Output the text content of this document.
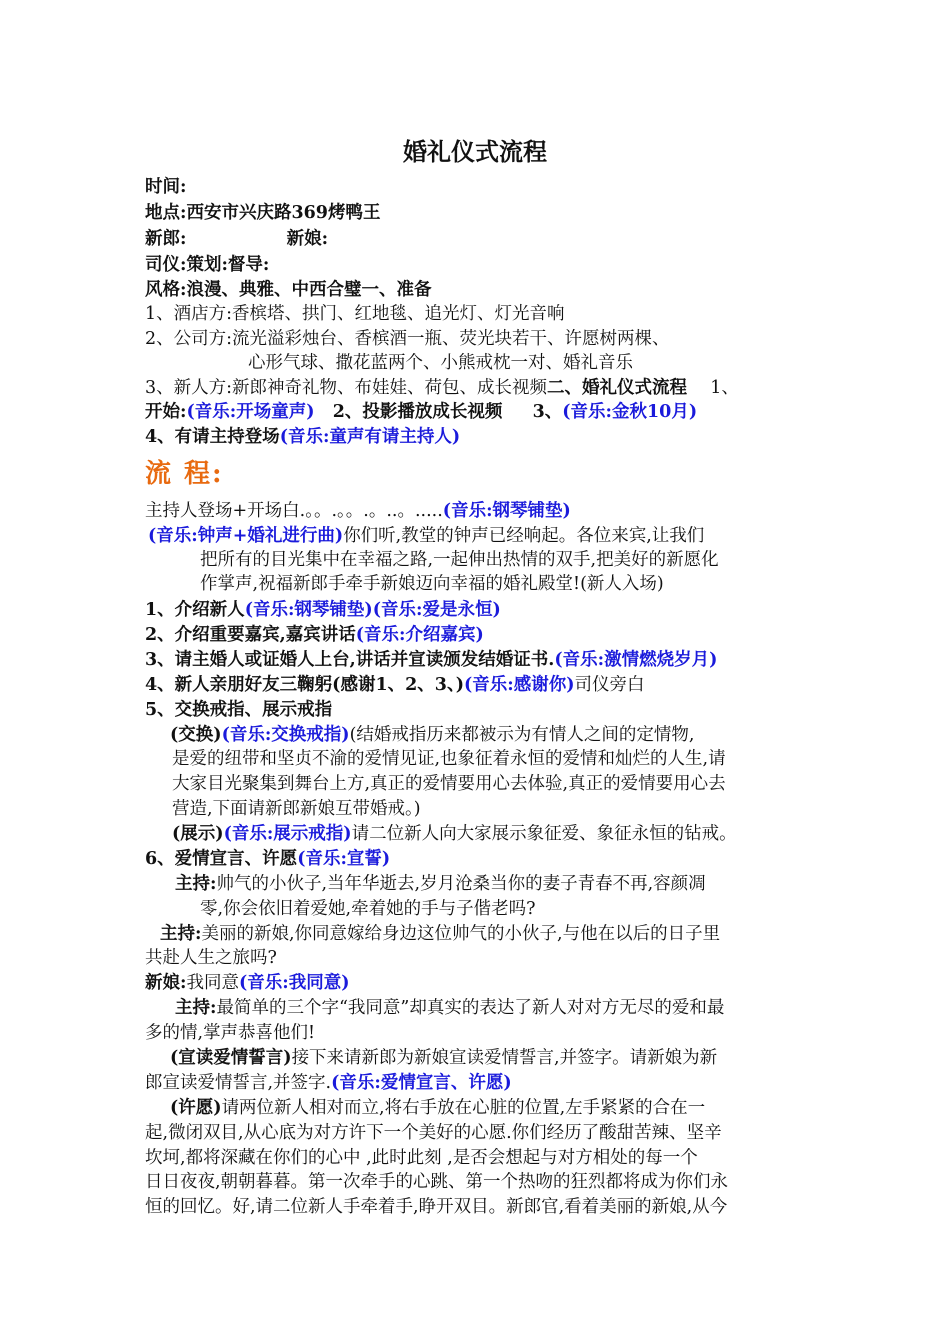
婚礼仪式流程
时间:
地点:西安市兴庆路369烤鸭王
新郎:	新娘:
司仪:策划:督导:
风格:浪漫、典雅、中西合璧一、准备
1、酒店方:香槟塔、拱门、红地毯、追光灯、灯光音响
2、公司方:流光溢彩烛台、香槟酒一瓶、荧光块若干、许愿树两棵、
心形气球、撒花蓝两个、小熊戒枕一对、婚礼音乐
3、新人方:新郎神奇礼物、布娃娃、荷包、成长视频二、婚礼仪式流程 1、
开始:(音乐:开场童声) 2、投影播放成长视频 3、(音乐:金秋10月)
4、有请主持登场(音乐:童声有请主持人)
流 程:
主持人登场+开场白.。。.。。.。..。.....(音乐:钢琴铺垫)
(音乐:钟声+婚礼进行曲)你们听,教堂的钟声已经响起。各位来宾,让我们
把所有的目光集中在幸福之路,一起伸出热情的双手,把美好的新愿化
作掌声,祝福新郎手牵手新娘迈向幸福的婚礼殿堂!(新人入场)
1、介绍新人(音乐:钢琴铺垫)(音乐:爱是永恒)
2、介绍重要嘉宾,嘉宾讲话(音乐:介绍嘉宾)
3、请主婚人或证婚人上台,讲话并宣读颁发结婚证书.(音乐:激情燃烧岁月)
4、新人亲朋好友三鞠躬(感谢1、2、3、)(音乐:感谢你)司仪旁白
5、交换戒指、展示戒指
(交换)(音乐:交换戒指)(结婚戒指历来都被示为有情人之间的定情物,
是爱的纽带和坚贞不渝的爱情见证,也象征着永恒的爱情和灿烂的人生,请
大家目光聚集到舞台上方,真正的爱情要用心去体验,真正的爱情要用心去
营造,下面请新郎新娘互带婚戒。)
(展示)(音乐:展示戒指)请二位新人向大家展示象征爱、象征永恒的钻戒。
6、爱情宣言、许愿(音乐:宣誓)
主持:帅气的小伙子,当年华逝去,岁月沧桑当你的妻子青春不再,容颜凋
零,你会依旧着爱她,牵着她的手与子偕老吗?
主持:美丽的新娘,你同意嫁给身边这位帅气的小伙子,与他在以后的日子里
共赴人生之旅吗?
新娘:我同意(音乐:我同意)
主持:最简单的三个字“我同意”却真实的表达了新人对对方无尽的爱和最
多的情,掌声恭喜他们!
(宣读爱情誓言)接下来请新郎为新娘宣读爱情誓言,并签字。请新娘为新
郎宣读爱情誓言,并签字.(音乐:爱情宣言、许愿)
(许愿)请两位新人相对而立,将右手放在心脏的位置,左手紧紧的合在一
起,微闭双目,从心底为对方许下一个美好的心愿.你们经历了酸甜苦辣、坚辛
坎坷,都将深藏在你们的心中 ,此时此刻 ,是否会想起与对方相处的每一个
日日夜夜,朝朝暮暮。第一次牵手的心跳、第一个热吻的狂烈都将成为你们永
恒的回忆。好,请二位新人手牵着手,睁开双目。新郎官,看着美丽的新娘,从今
